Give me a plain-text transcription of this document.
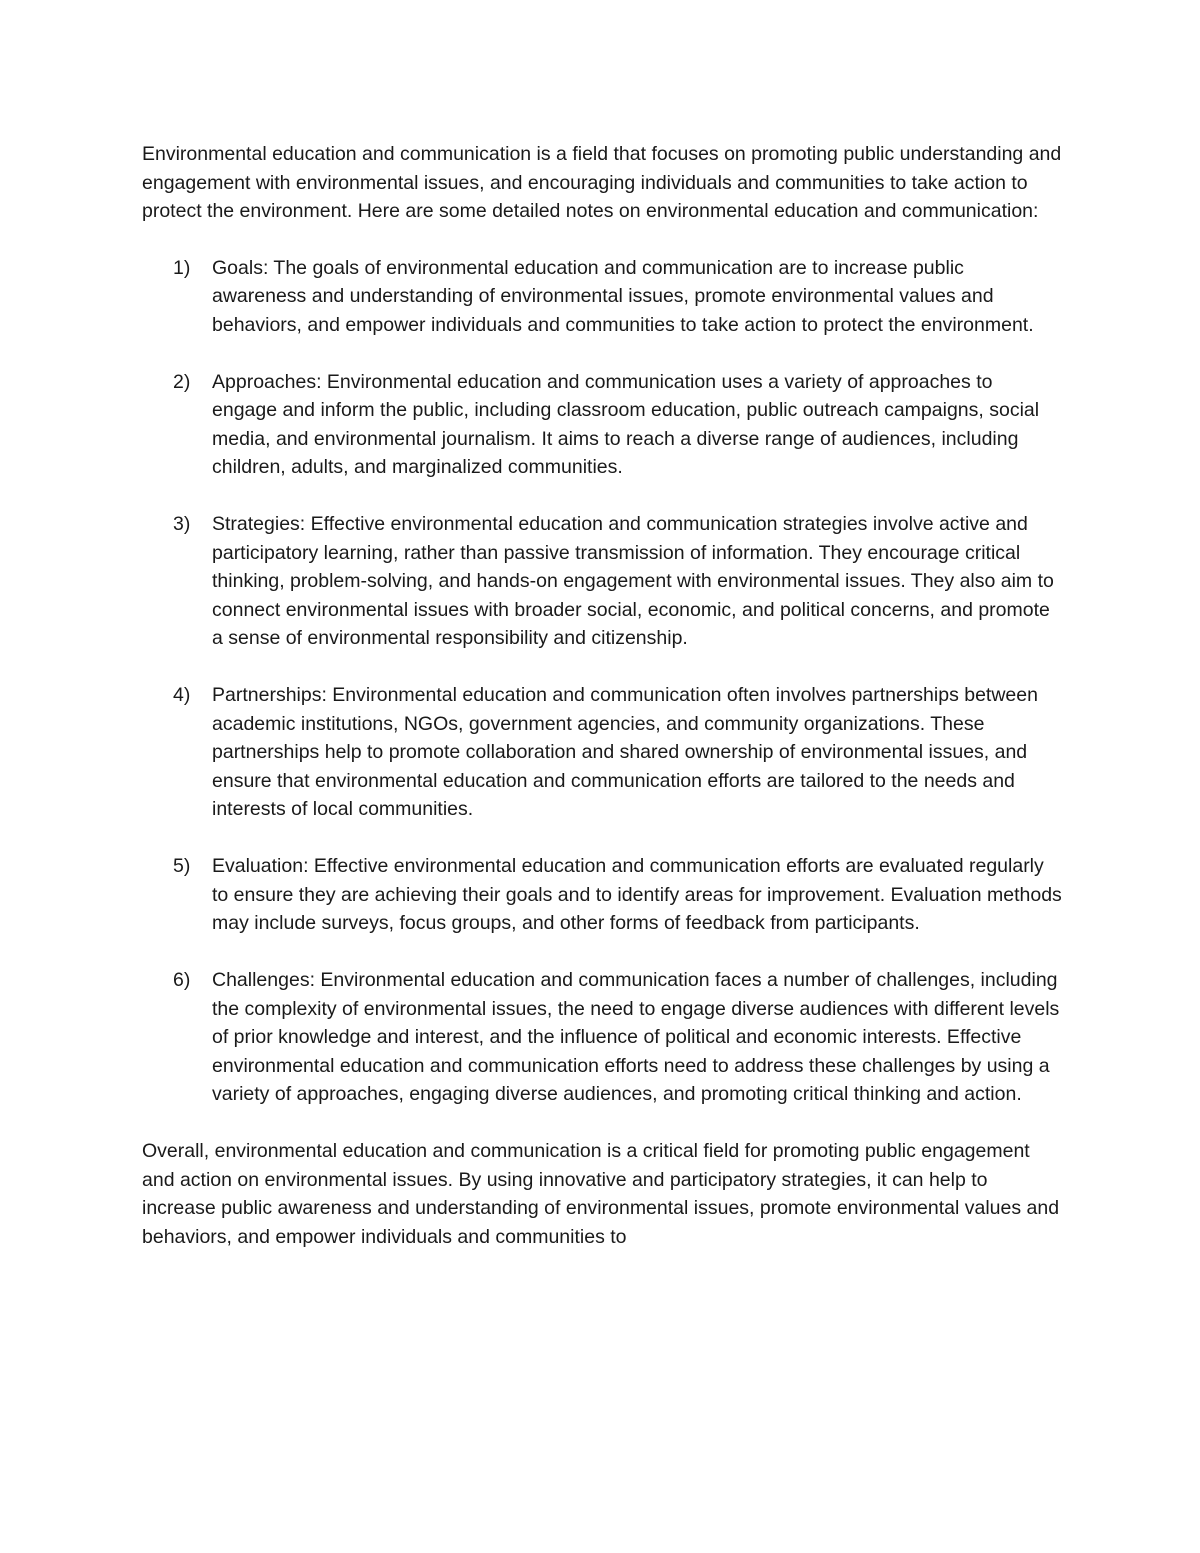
Environmental education and communication is a field that focuses on promoting public understanding and engagement with environmental issues, and encouraging individuals and communities to take action to protect the environment. Here are some detailed notes on environmental education and communication:

1) Goals: The goals of environmental education and communication are to increase public awareness and understanding of environmental issues, promote environmental values and behaviors, and empower individuals and communities to take action to protect the environment.
2) Approaches: Environmental education and communication uses a variety of approaches to engage and inform the public, including classroom education, public outreach campaigns, social media, and environmental journalism. It aims to reach a diverse range of audiences, including children, adults, and marginalized communities.
3) Strategies: Effective environmental education and communication strategies involve active and participatory learning, rather than passive transmission of information. They encourage critical thinking, problem-solving, and hands-on engagement with environmental issues. They also aim to connect environmental issues with broader social, economic, and political concerns, and promote a sense of environmental responsibility and citizenship.
4) Partnerships: Environmental education and communication often involves partnerships between academic institutions, NGOs, government agencies, and community organizations. These partnerships help to promote collaboration and shared ownership of environmental issues, and ensure that environmental education and communication efforts are tailored to the needs and interests of local communities.
5) Evaluation: Effective environmental education and communication efforts are evaluated regularly to ensure they are achieving their goals and to identify areas for improvement. Evaluation methods may include surveys, focus groups, and other forms of feedback from participants.
6) Challenges: Environmental education and communication faces a number of challenges, including the complexity of environmental issues, the need to engage diverse audiences with different levels of prior knowledge and interest, and the influence of political and economic interests. Effective environmental education and communication efforts need to address these challenges by using a variety of approaches, engaging diverse audiences, and promoting critical thinking and action.

Overall, environmental education and communication is a critical field for promoting public engagement and action on environmental issues. By using innovative and participatory strategies, it can help to increase public awareness and understanding of environmental issues, promote environmental values and behaviors, and empower individuals and communities to
